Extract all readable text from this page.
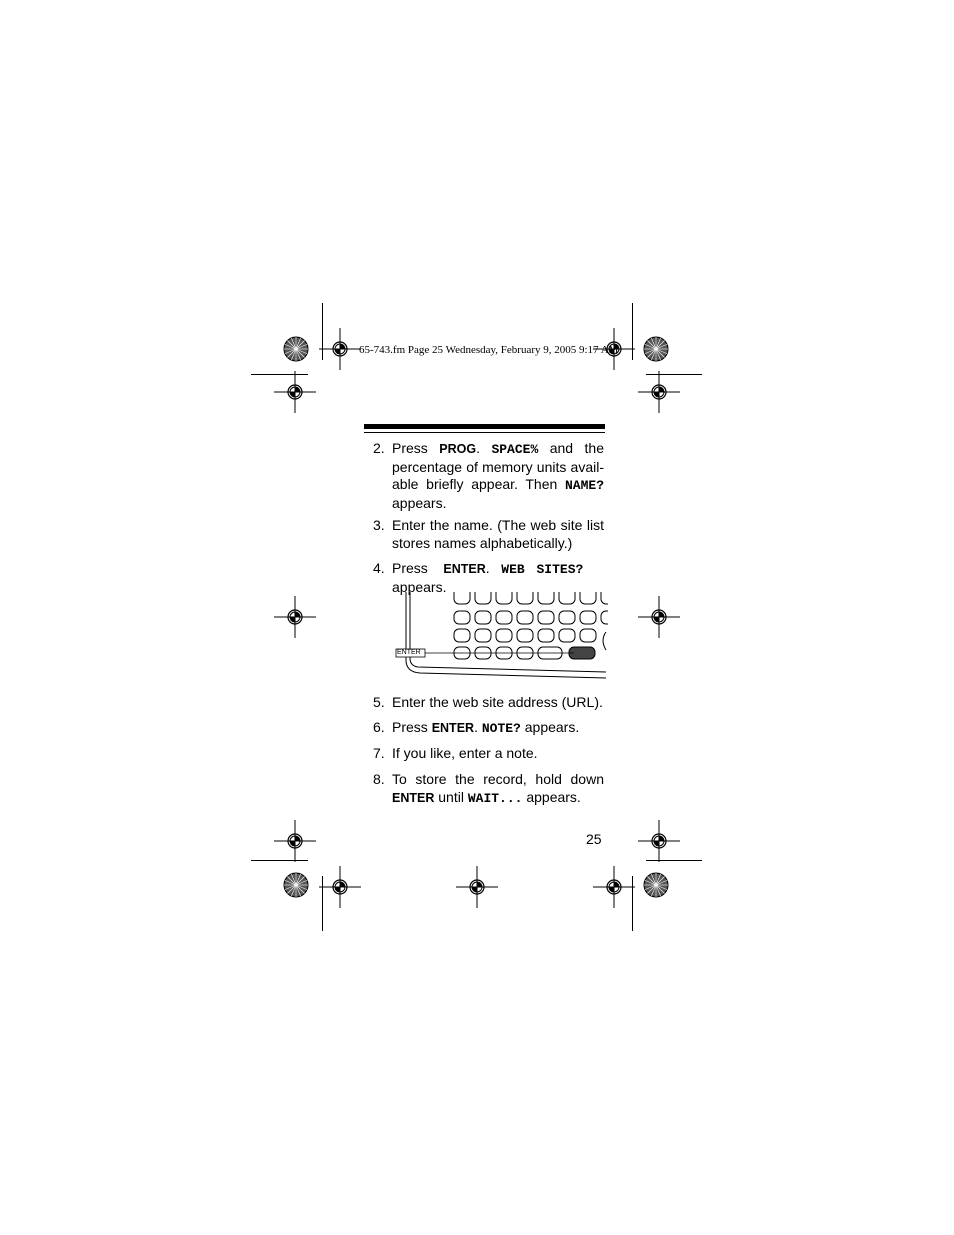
65-743.fm Page 25 Wednesday, February 9, 2005 9:17 AM
2. Press PROG. SPACE% and the percentage of memory units avail-able briefly appear. Then NAME? appears.
3. Enter the name. (The web site list stores names alphabetically.)
4. Press ENTER. WEB SITES?
appears.
ENTER
5. Enter the web site address (URL).
6. Press ENTER. NOTE? appears.
7. If you like, enter a note.
8. To store the record, hold down
ENTER until WAIT... appears.
25
